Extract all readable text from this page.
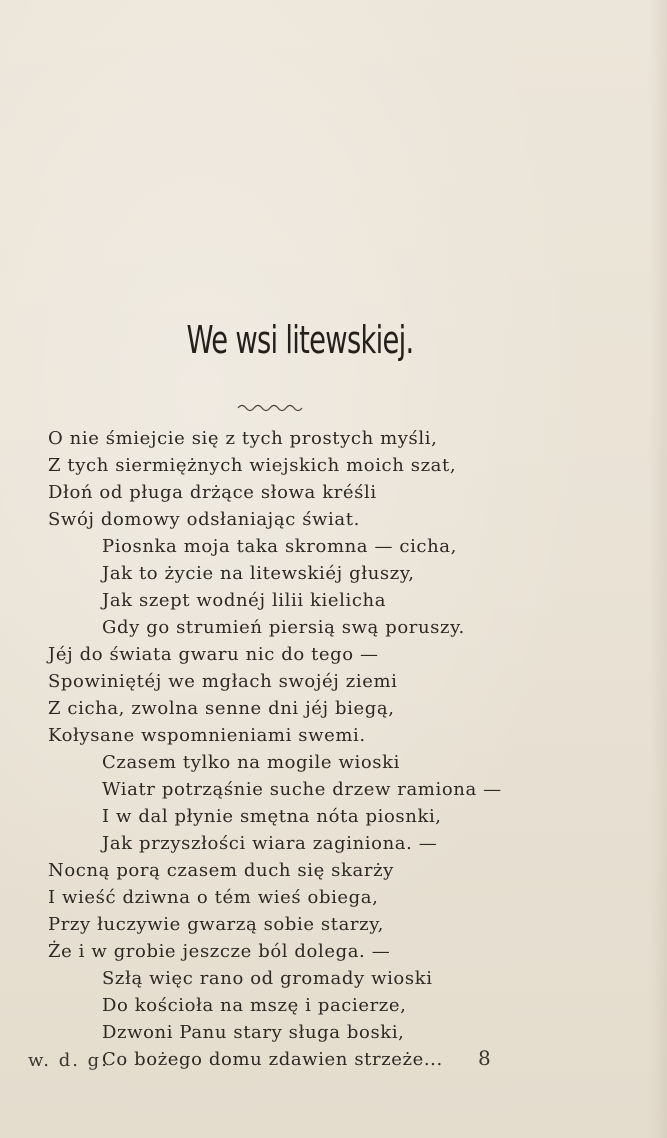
We wsi litewskiej.
O nie śmiejcie się z tych prostych myśli,
Z tych siermiężnych wiejskich moich szat,
Dłoń od pługa drżące słowa kréśli
Swój domowy odsłaniając świat.
Piosnka moja taka skromna — cicha,
Jak to życie na litewskiéj głuszy,
Jak szept wodnéj lilii kielicha
Gdy go strumień piersią swą poruszy.
Jéj do świata gwaru nic do tego —
Spowiniętéj we mgłach swojéj ziemi
Z cicha, zwolna senne dni jéj biegą,
Kołysane wspomnieniami swemi.
Czasem tylko na mogile wioski
Wiatr potrząśnie suche drzew ramiona —
I w dal płynie smętna nóta piosnki,
Jak przyszłości wiara zaginiona. —
Nocną porą czasem duch się skarży
I wieść dziwna o tém wieś obiega,
Przy łuczywie gwarzą sobie starzy,
Że i w grobie jeszcze ból dolega. —
Szłą więc rano od gromady wioski
Do kościoła na mszę i pacierze,
Dzwoni Panu stary sługa boski,
Co bożego domu zdawien strzeże...
w. d. g.	8
